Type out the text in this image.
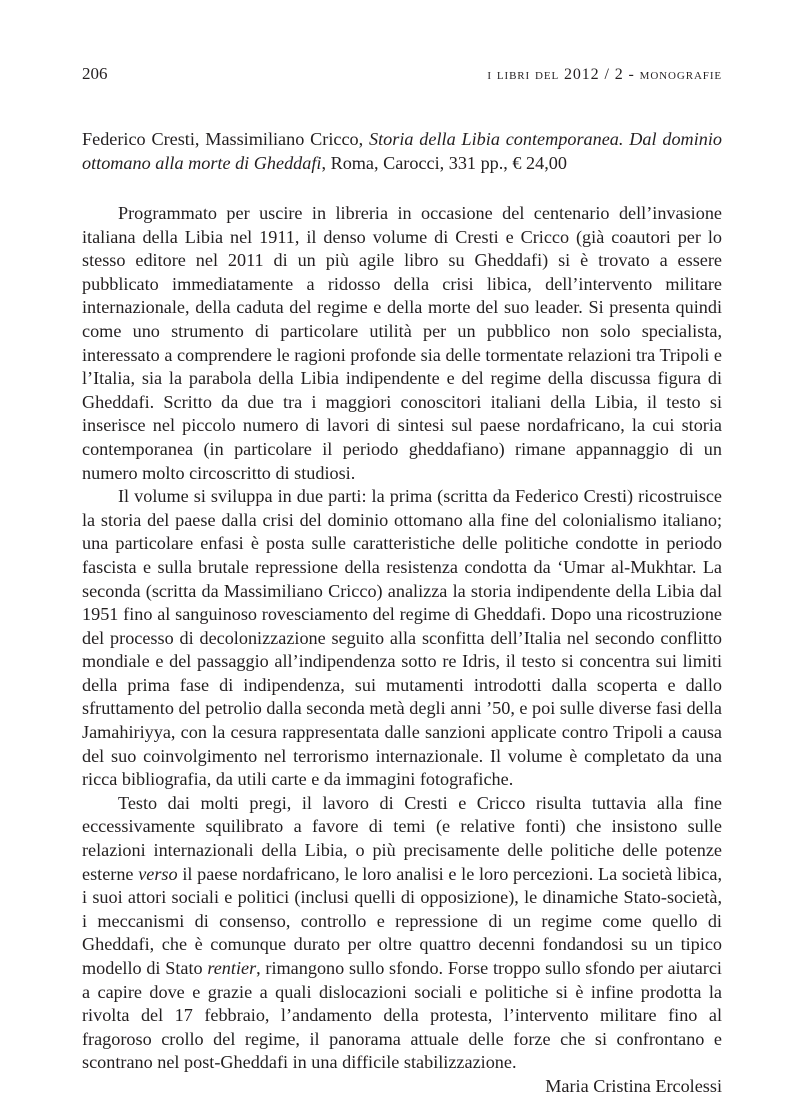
206	i libri del 2012 / 2 - monografie
Federico Cresti, Massimiliano Cricco, Storia della Libia contemporanea. Dal dominio ottomano alla morte di Gheddafi, Roma, Carocci, 331 pp., € 24,00

Programmato per uscire in libreria in occasione del centenario dell’invasione italiana della Libia nel 1911, il denso volume di Cresti e Cricco (già coautori per lo stesso editore nel 2011 di un più agile libro su Gheddafi) si è trovato a essere pubblicato immediatamente a ridosso della crisi libica, dell’intervento militare internazionale, della caduta del regime e della morte del suo leader. Si presenta quindi come uno strumento di particolare utilità per un pubblico non solo specialista, interessato a comprendere le ragioni profonde sia delle tormentate relazioni tra Tripoli e l’Italia, sia la parabola della Libia indipendente e del regime della discussa figura di Gheddafi. Scritto da due tra i maggiori conoscitori italiani della Libia, il testo si inserisce nel piccolo numero di lavori di sintesi sul paese nordafricano, la cui storia contemporanea (in particolare il periodo gheddafiano) rimane appannaggio di un numero molto circoscritto di studiosi.

Il volume si sviluppa in due parti: la prima (scritta da Federico Cresti) ricostruisce la storia del paese dalla crisi del dominio ottomano alla fine del colonialismo italiano; una particolare enfasi è posta sulle caratteristiche delle politiche condotte in periodo fascista e sulla brutale repressione della resistenza condotta da ‘Umar al-Mukhtar. La seconda (scritta da Massimiliano Cricco) analizza la storia indipendente della Libia dal 1951 fino al sanguinoso rovesciamento del regime di Gheddafi. Dopo una ricostruzione del processo di decolonizzazione seguito alla sconfitta dell’Italia nel secondo conflitto mondiale e del passaggio all’indipendenza sotto re Idris, il testo si concentra sui limiti della prima fase di indipendenza, sui mutamenti introdotti dalla scoperta e dallo sfruttamento del petrolio dalla seconda metà degli anni ’50, e poi sulle diverse fasi della Jamahiriyya, con la cesura rappresentata dalle sanzioni applicate contro Tripoli a causa del suo coinvolgimento nel terrorismo internazionale. Il volume è completato da una ricca bibliografia, da utili carte e da immagini fotografiche.

Testo dai molti pregi, il lavoro di Cresti e Cricco risulta tuttavia alla fine eccessivamente squilibrato a favore di temi (e relative fonti) che insistono sulle relazioni internazionali della Libia, o più precisamente delle politiche delle potenze esterne verso il paese nordafricano, le loro analisi e le loro percezioni. La società libica, i suoi attori sociali e politici (inclusi quelli di opposizione), le dinamiche Stato-società, i meccanismi di consenso, controllo e repressione di un regime come quello di Gheddafi, che è comunque durato per oltre quattro decenni fondandosi su un tipico modello di Stato rentier, rimangono sullo sfondo. Forse troppo sullo sfondo per aiutarci a capire dove e grazie a quali dislocazioni sociali e politiche si è infine prodotta la rivolta del 17 febbraio, l’andamento della protesta, l’intervento militare fino al fragoroso crollo del regime, il panorama attuale delle forze che si confrontano e scontrano nel post-Gheddafi in una difficile stabilizzazione.

Maria Cristina Ercolessi
